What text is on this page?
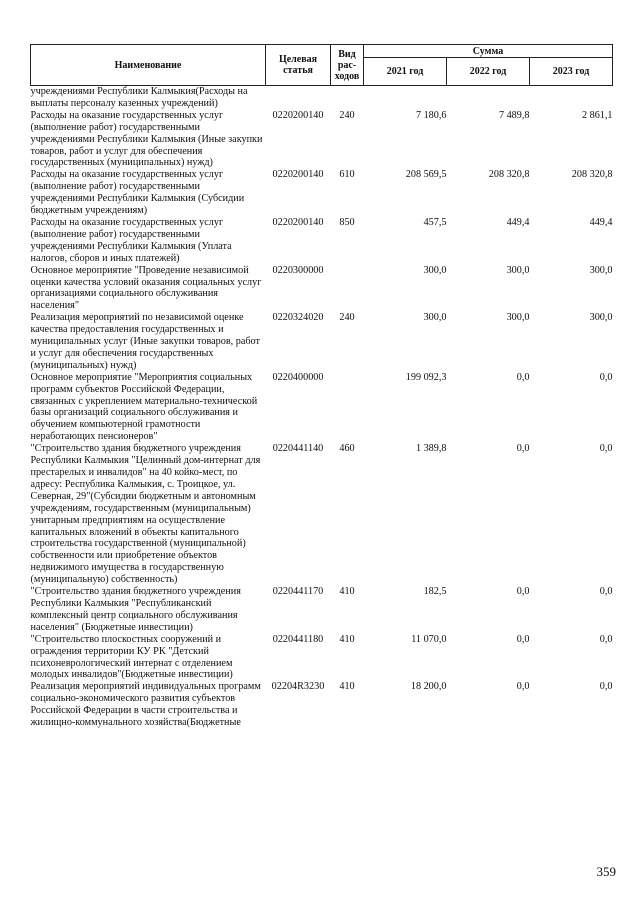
Наименование	Целевая статья	Вид рас- ходов	Сумма		
			2021 год	2022 год	2023 год
учреждениями Республики Калмыкия(Расходы на выплаты персоналу казенных учреждений)					
Расходы на оказание государственных услуг (выполнение работ) государственными учреждениями Республики Калмыкия (Иные закупки товаров, работ и услуг для обеспечения государственных (муниципальных) нужд)	0220200140	240	7 180,6	7 489,8	2 861,1
Расходы на оказание государственных услуг (выполнение работ) государственными учреждениями Республики Калмыкия (Субсидии бюджетным учреждениям)	0220200140	610	208 569,5	208 320,8	208 320,8
Расходы на оказание государственных услуг (выполнение работ) государственными учреждениями Республики Калмыкия (Уплата налогов, сборов и иных платежей)	0220200140	850	457,5	449,4	449,4
Основное мероприятие "Проведение независимой оценки качества условий оказания социальных услуг организациями социального обслуживания населения"	0220300000		300,0	300,0	300,0
Реализация мероприятий по независимой оценке качества предоставления государственных и муниципальных услуг (Иные закупки товаров, работ и услуг для обеспечения государственных (муниципальных) нужд)	0220324020	240	300,0	300,0	300,0
Основное мероприятие "Мероприятия социальных программ субъектов Российской Федерации, связанных с укреплением материально-технической базы организаций социального обслуживания и обучением компьютерной грамотности неработающих пенсионеров"	0220400000		199 092,3	0,0	0,0
"Строительство здания бюджетного учреждения Республики Калмыкия "Целинный дом-интернат для престарелых и инвалидов" на 40 койко-мест, по адресу: Республика Калмыкия, с. Троицкое, ул. Северная, 29"(Субсидии бюджетным и автономным учреждениям, государственным (муниципальным) унитарным предприятиям на осуществление капитальных вложений в объекты капитального строительства государственной (муниципальной) собственности или приобретение объектов недвижимого имущества в государственную (муниципальную) собственность)	0220441140	460	1 389,8	0,0	0,0
"Строительство здания бюджетного учреждения Республики Калмыкия "Республиканский комплексный центр социального обслуживания населения" (Бюджетные инвестиции)	0220441170	410	182,5	0,0	0,0
"Строительство плоскостных сооружений и ограждения территории КУ РК "Детский психоневрологический интернат с отделением молодых инвалидов"(Бюджетные инвестиции)	0220441180	410	11 070,0	0,0	0,0
Реализация мероприятий индивидуальных программ социально-экономического развития субъектов Российской Федерации в части строительства и жилищно-коммунального хозяйства(Бюджетные	02204R3230	410	18 200,0	0,0	0,0
359
